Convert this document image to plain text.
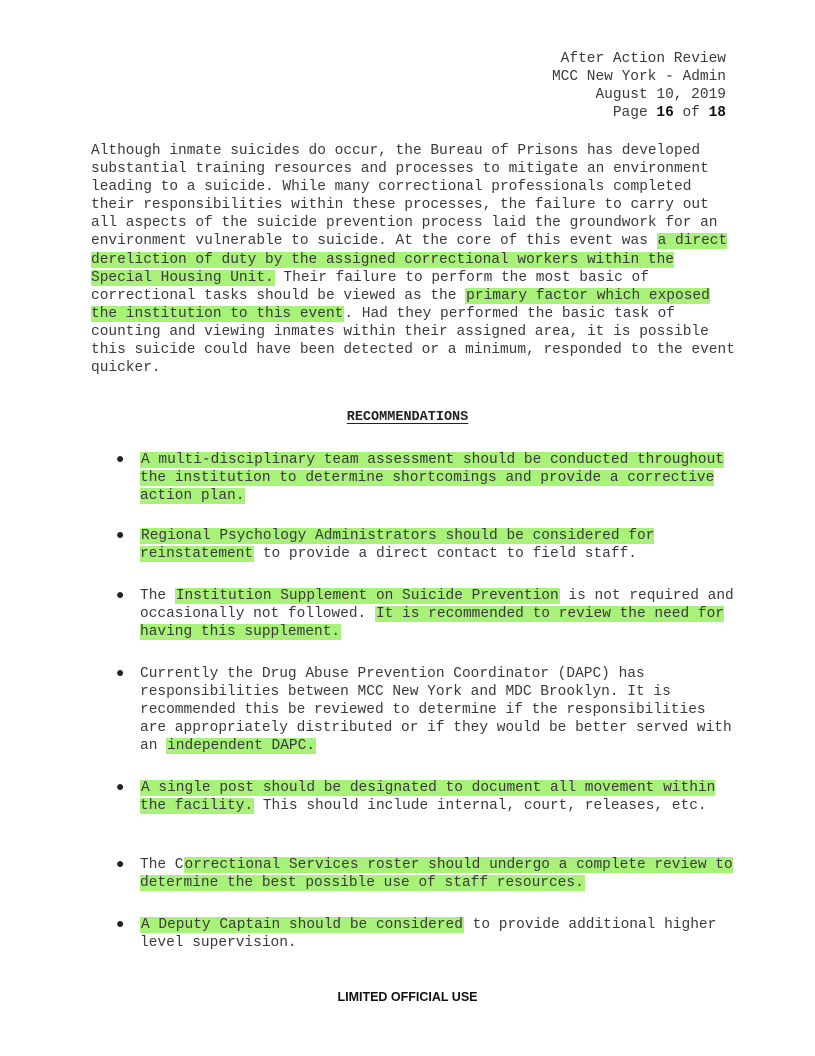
After Action Review
MCC New York - Admin
August 10, 2019
Page 16 of 18

Although inmate suicides do occur, the Bureau of Prisons has developed substantial training resources and processes to mitigate an environment leading to a suicide. While many correctional professionals completed their responsibilities within these processes, the failure to carry out all aspects of the suicide prevention process laid the groundwork for an environment vulnerable to suicide. At the core of this event was a direct dereliction of duty by the assigned correctional workers within the Special Housing Unit. Their failure to perform the most basic of correctional tasks should be viewed as the primary factor which exposed the institution to this event. Had they performed the basic task of counting and viewing inmates within their assigned area, it is possible this suicide could have been detected or a minimum, responded to the event quicker.

RECOMMENDATIONS

● A multi-disciplinary team assessment should be conducted throughout the institution to determine shortcomings and provide a corrective action plan.

● Regional Psychology Administrators should be considered for reinstatement to provide a direct contact to field staff.

● The Institution Supplement on Suicide Prevention is not required and occasionally not followed. It is recommended to review the need for having this supplement.

● Currently the Drug Abuse Prevention Coordinator (DAPC) has responsibilities between MCC New York and MDC Brooklyn. It is recommended this be reviewed to determine if the responsibilities are appropriately distributed or if they would be better served with an independent DAPC.

● A single post should be designated to document all movement within the facility. This should include internal, court, releases, etc.

● The Correctional Services roster should undergo a complete review to determine the best possible use of staff resources.

● A Deputy Captain should be considered to provide additional higher level supervision.

LIMITED OFFICIAL USE
